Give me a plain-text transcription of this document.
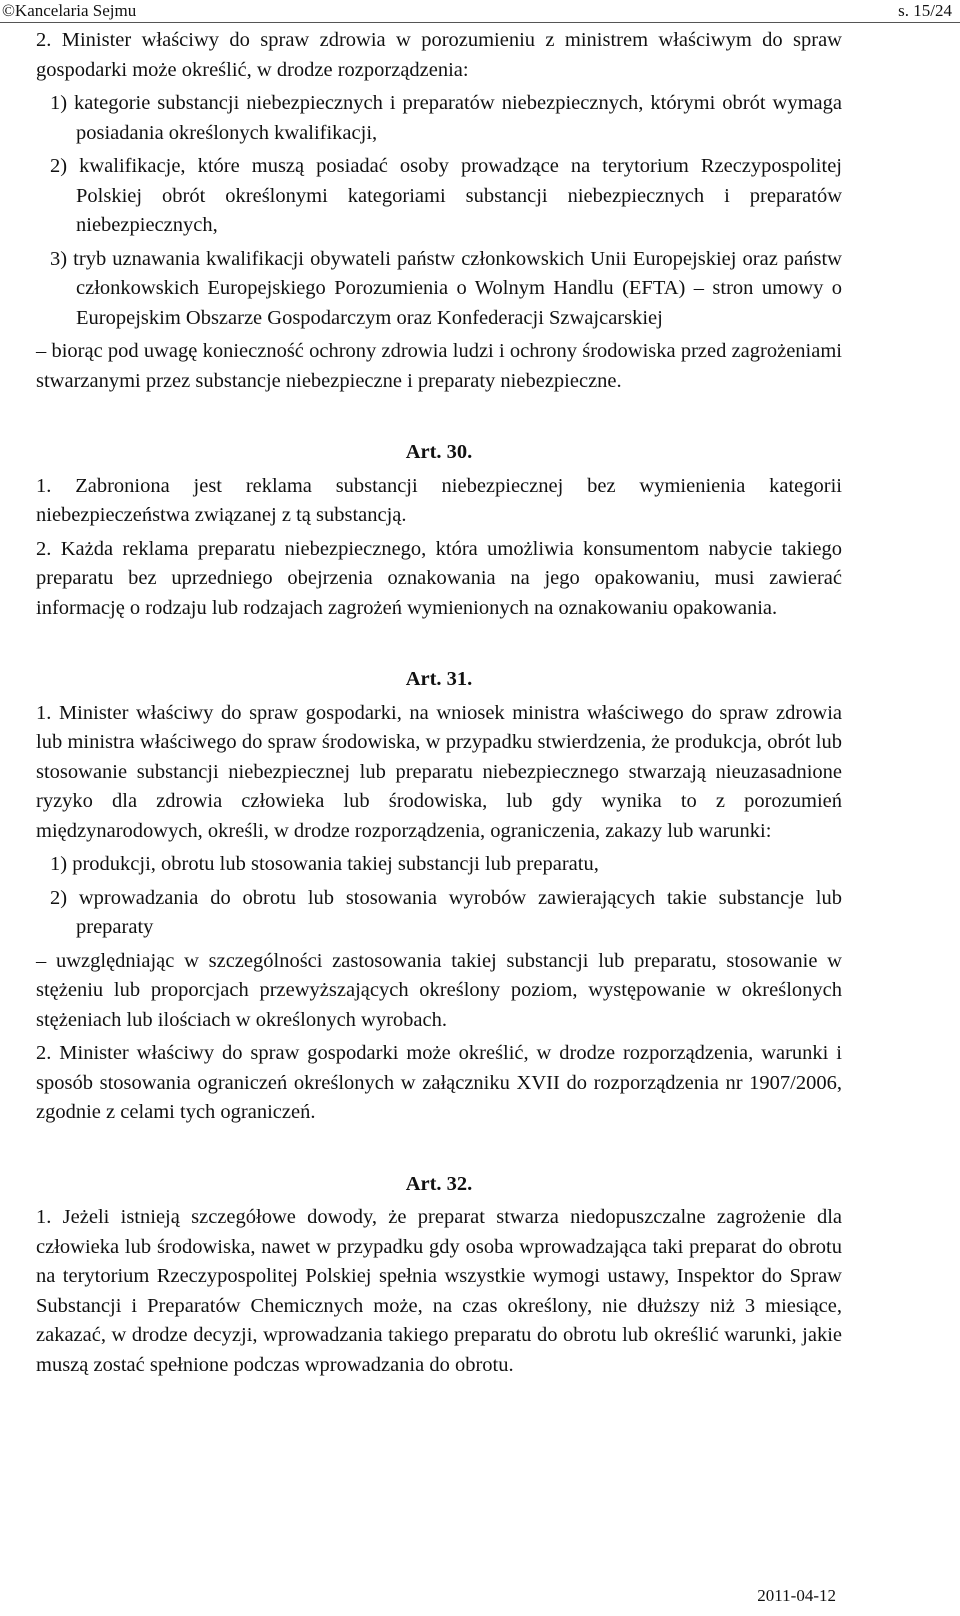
©Kancelaria Sejmu	s. 15/24

2. Minister właściwy do spraw zdrowia w porozumieniu z ministrem właściwym do spraw gospodarki może określić, w drodze rozporządzenia:

1) kategorie substancji niebezpiecznych i preparatów niebezpiecznych, którymi obrót wymaga posiadania określonych kwalifikacji,

2) kwalifikacje, które muszą posiadać osoby prowadzące na terytorium Rzeczypospolitej Polskiej obrót określonymi kategoriami substancji niebezpiecznych i preparatów niebezpiecznych,

3) tryb uznawania kwalifikacji obywateli państw członkowskich Unii Europejskiej oraz państw członkowskich Europejskiego Porozumienia o Wolnym Handlu (EFTA) – stron umowy o Europejskim Obszarze Gospodarczym oraz Konfederacji Szwajcarskiej

– biorąc pod uwagę konieczność ochrony zdrowia ludzi i ochrony środowiska przed zagrożeniami stwarzanymi przez substancje niebezpieczne i preparaty niebezpieczne.

Art. 30.

1. Zabroniona jest reklama substancji niebezpiecznej bez wymienienia kategorii niebezpieczeństwa związanej z tą substancją.

2. Każda reklama preparatu niebezpiecznego, która umożliwia konsumentom nabycie takiego preparatu bez uprzedniego obejrzenia oznakowania na jego opakowaniu, musi zawierać informację o rodzaju lub rodzajach zagrożeń wymienionych na oznakowaniu opakowania.

Art. 31.

1. Minister właściwy do spraw gospodarki, na wniosek ministra właściwego do spraw zdrowia lub ministra właściwego do spraw środowiska, w przypadku stwierdzenia, że produkcja, obrót lub stosowanie substancji niebezpiecznej lub preparatu niebezpiecznego stwarzają nieuzasadnione ryzyko dla zdrowia człowieka lub środowiska, lub gdy wynika to z porozumień międzynarodowych, określi, w drodze rozporządzenia, ograniczenia, zakazy lub warunki:

1) produkcji, obrotu lub stosowania takiej substancji lub preparatu,

2) wprowadzania do obrotu lub stosowania wyrobów zawierających takie substancje lub preparaty

– uwzględniając w szczególności zastosowania takiej substancji lub preparatu, stosowanie w stężeniu lub proporcjach przewyższających określony poziom, występowanie w określonych stężeniach lub ilościach w określonych wyrobach.

2. Minister właściwy do spraw gospodarki może określić, w drodze rozporządzenia, warunki i sposób stosowania ograniczeń określonych w załączniku XVII do rozporządzenia nr 1907/2006, zgodnie z celami tych ograniczeń.

Art. 32.

1. Jeżeli istnieją szczegółowe dowody, że preparat stwarza niedopuszczalne zagrożenie dla człowieka lub środowiska, nawet w przypadku gdy osoba wprowadzająca taki preparat do obrotu na terytorium Rzeczypospolitej Polskiej spełnia wszystkie wymogi ustawy, Inspektor do Spraw Substancji i Preparatów Chemicznych może, na czas określony, nie dłuższy niż 3 miesiące, zakazać, w drodze decyzji, wprowadzania takiego preparatu do obrotu lub określić warunki, jakie muszą zostać spełnione podczas wprowadzania do obrotu.

2011-04-12
